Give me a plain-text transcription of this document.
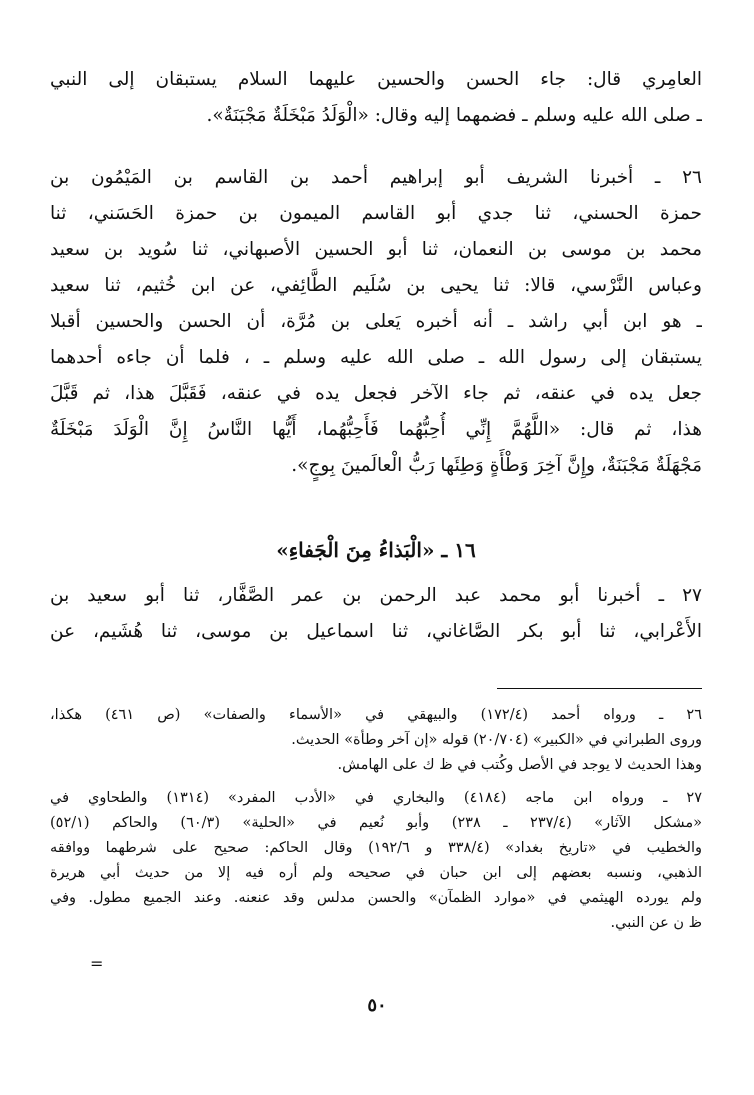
العامِري قال: جاء الحسن والحسين عليهما السلام يستبقان إلى النبي
ـ صلى الله عليه وسلم ـ فضمهما إليه وقال: «الْوَلَدُ مَبْخَلَةٌ مَجْبَنَةٌ».
٢٦ ـ أخبرنا الشريف أبو إبراهيم أحمد بن القاسم بن المَيْمُون بن
حمزة الحسني، ثنا جدي أبو القاسم الميمون بن حمزة الحَسَني، ثنا
محمد بن موسى بن النعمان، ثنا أبو الحسين الأصبهاني، ثنا سُويد بن سعيد
وعباس النَّرْسي، قالا: ثنا يحيى بن سُلَيم الطَّائِفي، عن ابن خُثيم، ثنا سعيد
ـ هو ابن أبي راشد ـ أنه أخبره يَعلى بن مُرَّة، أن الحسن والحسين أقبلا
يستبقان إلى رسول الله ـ صلى الله عليه وسلم ـ ، فلما أن جاءه أحدهما
جعل يده في عنقه، ثم جاء الآخر فجعل يده في عنقه، فَقَبَّلَ هذا، ثم قَبَّلَ
هذا، ثم قال: «اللَّهُمَّ إِنِّي أُحِبُّهُما فَأَحِبُّهُما، أَيُّها النَّاسُ إِنَّ الْوَلَدَ مَبْخَلَةٌ
مَجْهَلَةٌ مَجْبَنَةٌ، وإِنَّ آخِرَ وَطْأَةٍ وَطِئَها رَبُّ الْعالَمينَ بِوجٍ».
١٦ ـ «الْبَذاءُ مِنَ الْجَفاءِ»
٢٧ ـ أخبرنا أبو محمد عبد الرحمن بن عمر الصَّفَّار، ثنا أبو سعيد بن
الأَعْرابي، ثنا أبو بكر الصَّاغاني، ثنا اسماعيل بن موسى، ثنا هُشَيم، عن
٢٦ ـ ورواه أحمد (١٧٢/٤) والبيهقي في «الأسماء والصفات» (ص ٤٦١) هكذا،
وروى الطبراني في «الكبير» (٢٠/٧٠٤) قوله «إن آخر وطأة» الحديث.
وهذا الحديث لا يوجد في الأصل وكُتب في ظ ك على الهامش.
٢٧ ـ ورواه ابن ماجه (٤١٨٤) والبخاري في «الأدب المفرد» (١٣١٤) والطحاوي في
«مشكل الآثار» (٢٣٧/٤ ـ ٢٣٨) وأبو نُعيم في «الحلية» (٦٠/٣) والحاكم (٥٢/١)
والخطيب في «تاريخ بغداد» (٣٣٨/٤ و ١٩٢/٦) وقال الحاكم: صحيح على شرطهما ووافقه
الذهبي، ونسبه بعضهم إلى ابن حبان في صحيحه ولم أره فيه إلا من حديث أبي هريرة
ولم يورده الهيثمي في «موارد الظمآن» والحسن مدلس وقد عنعنه. وعند الجميع مطول. وفي
ظ ن عن النبي.
=
٥٠
